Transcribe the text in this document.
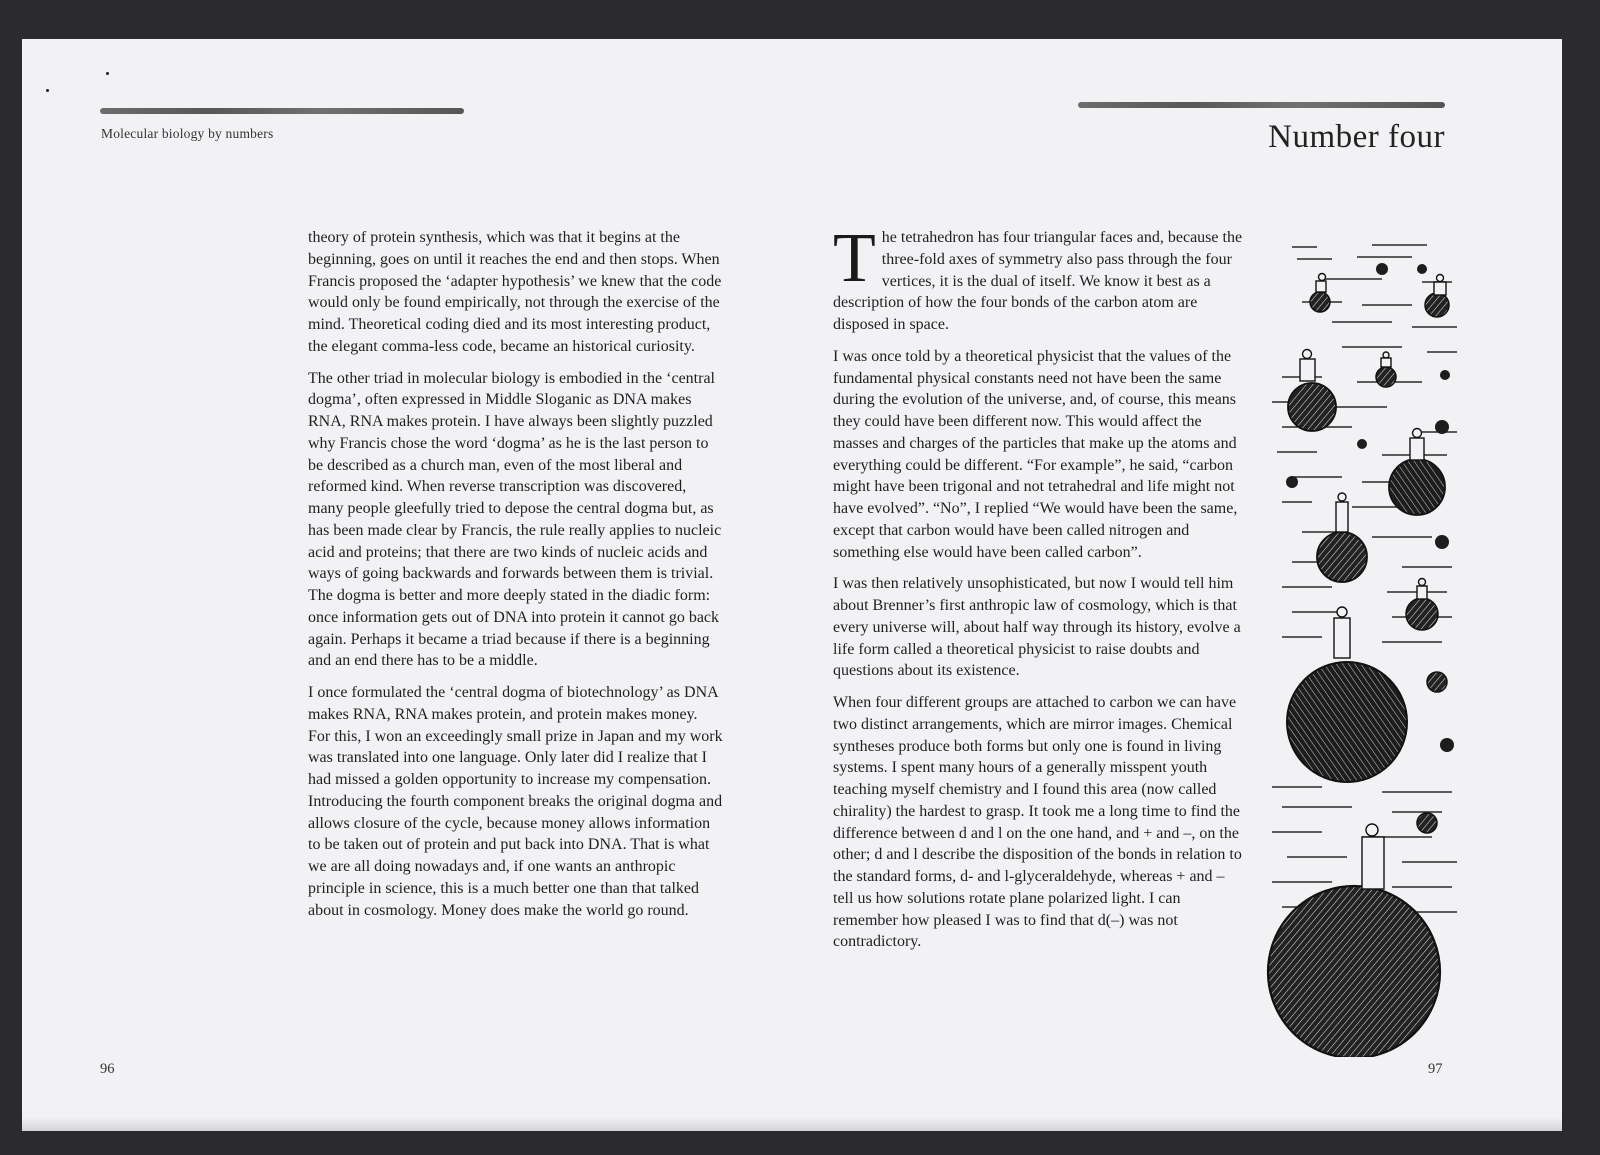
Molecular biology by numbers	Number four

theory of protein synthesis, which was that it begins at the beginning, goes on until it reaches the end and then stops. When Francis proposed the ‘adapter hypothesis’ we knew that the code would only be found empirically, not through the exercise of the mind. Theoretical coding died and its most interesting product, the elegant comma-less code, became an historical curiosity.

The other triad in molecular biology is embodied in the ‘central dogma’, often expressed in Middle Sloganic as DNA makes RNA, RNA makes protein. I have always been slightly puzzled why Francis chose the word ‘dogma’ as he is the last person to be described as a church man, even of the most liberal and reformed kind. When reverse transcription was discovered, many people gleefully tried to depose the central dogma but, as has been made clear by Francis, the rule really applies to nucleic acid and proteins; that there are two kinds of nucleic acids and ways of going backwards and forwards between them is trivial. The dogma is better and more deeply stated in the diadic form: once information gets out of DNA into protein it cannot go back again. Perhaps it became a triad because if there is a beginning and an end there has to be a middle.

I once formulated the ‘central dogma of biotechnology’ as DNA makes RNA, RNA makes protein, and protein makes money. For this, I won an exceedingly small prize in Japan and my work was translated into one language. Only later did I realize that I had missed a golden opportunity to increase my compensation. Introducing the fourth component breaks the original dogma and allows closure of the cycle, because money allows information to be taken out of protein and put back into DNA. That is what we are all doing nowadays and, if one wants an anthropic principle in science, this is a much better one than that talked about in cosmology. Money does make the world go round.

The tetrahedron has four triangular faces and, because the three-fold axes of symmetry also pass through the four vertices, it is the dual of itself. We know it best as a description of how the four bonds of the carbon atom are disposed in space.

I was once told by a theoretical physicist that the values of the fundamental physical constants need not have been the same during the evolution of the universe, and, of course, this means they could have been different now. This would affect the masses and charges of the particles that make up the atoms and everything could be different. “For example”, he said, “carbon might have been trigonal and not tetrahedral and life might not have evolved”. “No”, I replied “We would have been the same, except that carbon would have been called nitrogen and something else would have been called carbon”.

I was then relatively unsophisticated, but now I would tell him about Brenner’s first anthropic law of cosmology, which is that every universe will, about half way through its history, evolve a life form called a theoretical physicist to raise doubts and questions about its existence.

When four different groups are attached to carbon we can have two distinct arrangements, which are mirror images. Chemical syntheses produce both forms but only one is found in living systems. I spent many hours of a generally misspent youth teaching myself chemistry and I found this area (now called chirality) the hardest to grasp. It took me a long time to find the difference between d and l on the one hand, and + and –, on the other; d and l describe the disposition of the bonds in relation to the standard forms, d- and l-glyceraldehyde, whereas + and – tell us how solutions rotate plane polarized light. I can remember how pleased I was to find that d(–) was not contradictory.

96	97
